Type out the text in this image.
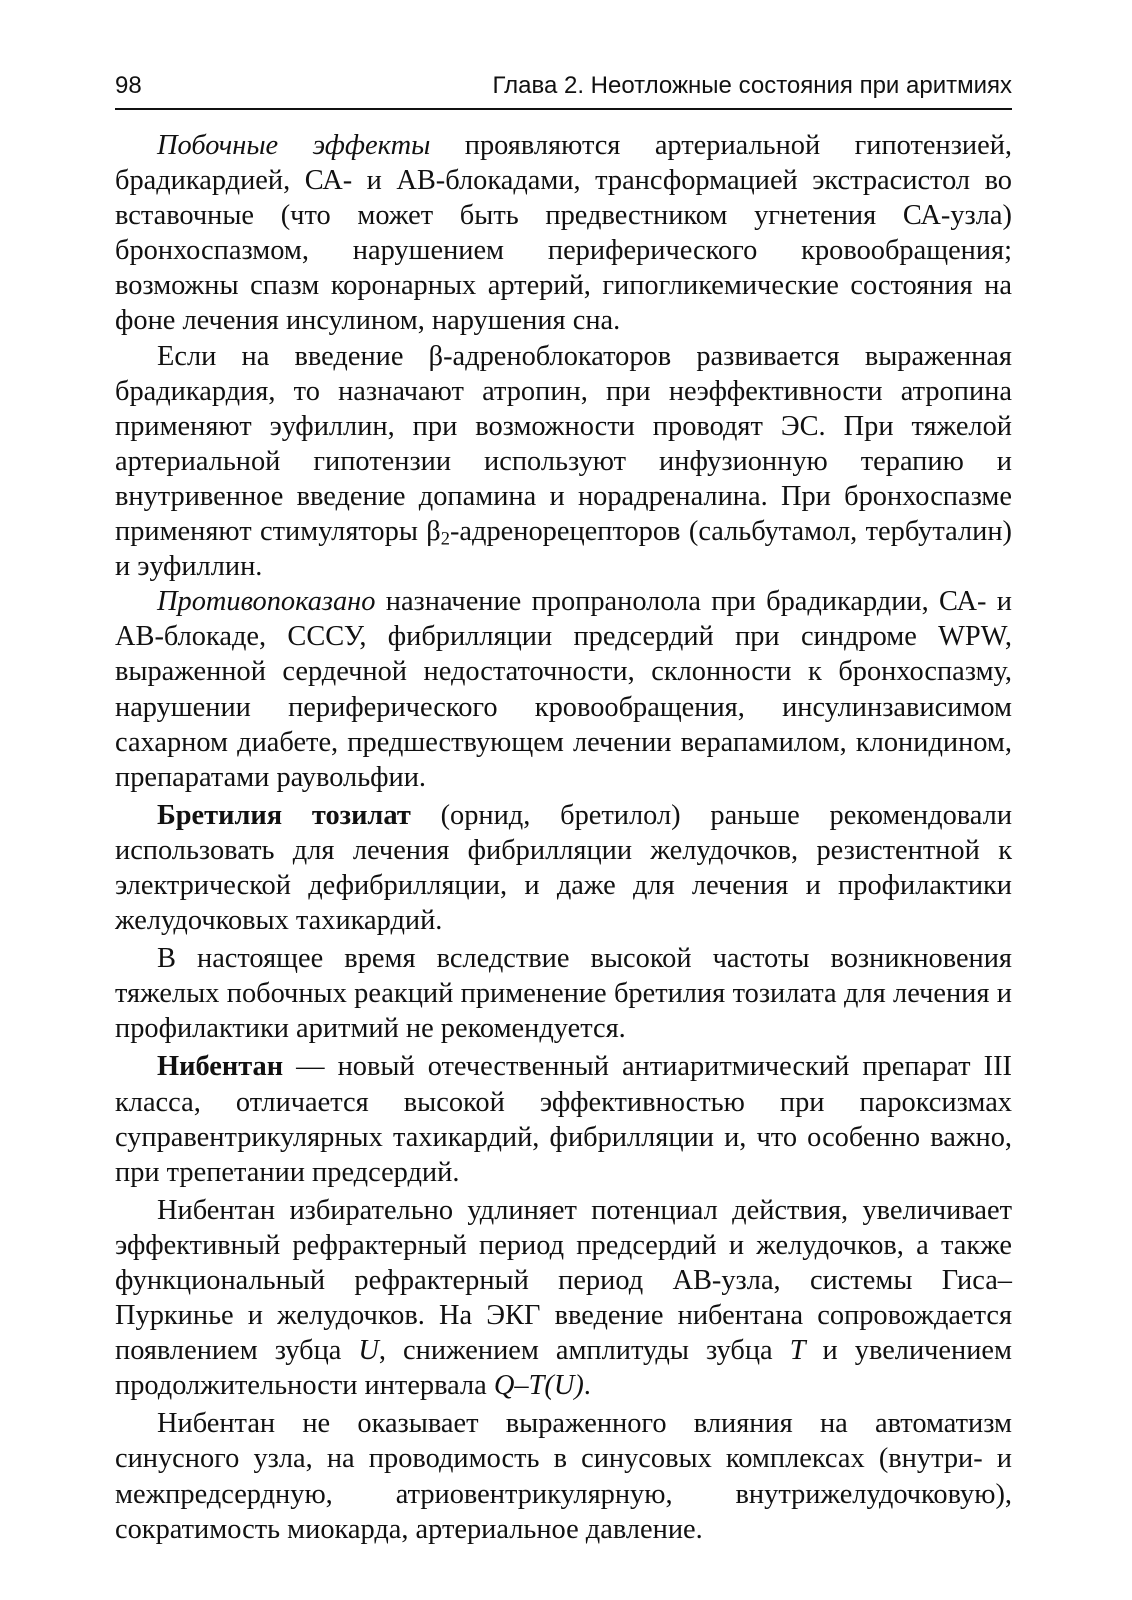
98	Глава 2. Неотложные состояния при аритмиях

Побочные эффекты проявляются артериальной гипотензией, брадикардией, СА- и АВ-блокадами, трансформацией экстрасистол во вставочные (что может быть предвестником угнетения СА-узла) бронхоспазмом, нарушением периферического кровообращения; возможны спазм коронарных артерий, гипогликемические состояния на фоне лечения инсулином, нарушения сна.

Если на введение β-адреноблокаторов развивается выраженная брадикардия, то назначают атропин, при неэффективности атропина применяют эуфиллин, при возможности проводят ЭС. При тяжелой артериальной гипотензии используют инфузионную терапию и внутривенное введение допамина и норадреналина. При бронхоспазме применяют стимуляторы $\beta_2$-адренорецепторов (сальбутамол, тербуталин) и эуфиллин.

Противопоказано назначение пропранолола при брадикардии, СА- и АВ-блокаде, СССУ, фибрилляции предсердий при синдроме WPW, выраженной сердечной недостаточности, склонности к бронхоспазму, нарушении периферического кровообращения, инсулинзависимом сахарном диабете, предшествующем лечении верапамилом, клонидином, препаратами раувольфии.

Бретилия тозилат (орнид, бретилол) раньше рекомендовали использовать для лечения фибрилляции желудочков, резистентной к электрической дефибрилляции, и даже для лечения и профилактики желудочковых тахикардий.

В настоящее время вследствие высокой частоты возникновения тяжелых побочных реакций применение бретилия тозилата для лечения и профилактики аритмий не рекомендуется.

Нибентан — новый отечественный антиаритмический препарат III класса, отличается высокой эффективностью при пароксизмах суправентрикулярных тахикардий, фибрилляции и, что особенно важно, при трепетании предсердий.

Нибентан избирательно удлиняет потенциал действия, увеличивает эффективный рефрактерный период предсердий и желудочков, а также функциональный рефрактерный период АВ-узла, системы Гиса–Пуркинье и желудочков. На ЭКГ введение нибентана сопровождается появлением зубца U, снижением амплитуды зубца T и увеличением продолжительности интервала Q–T(U).

Нибентан не оказывает выраженного влияния на автоматизм синусного узла, на проводимость в синусовых комплексах (внутри- и межпредсердную, атриовентрикулярную, внутрижелудочковую), сократимость миокарда, артериальное давление.
